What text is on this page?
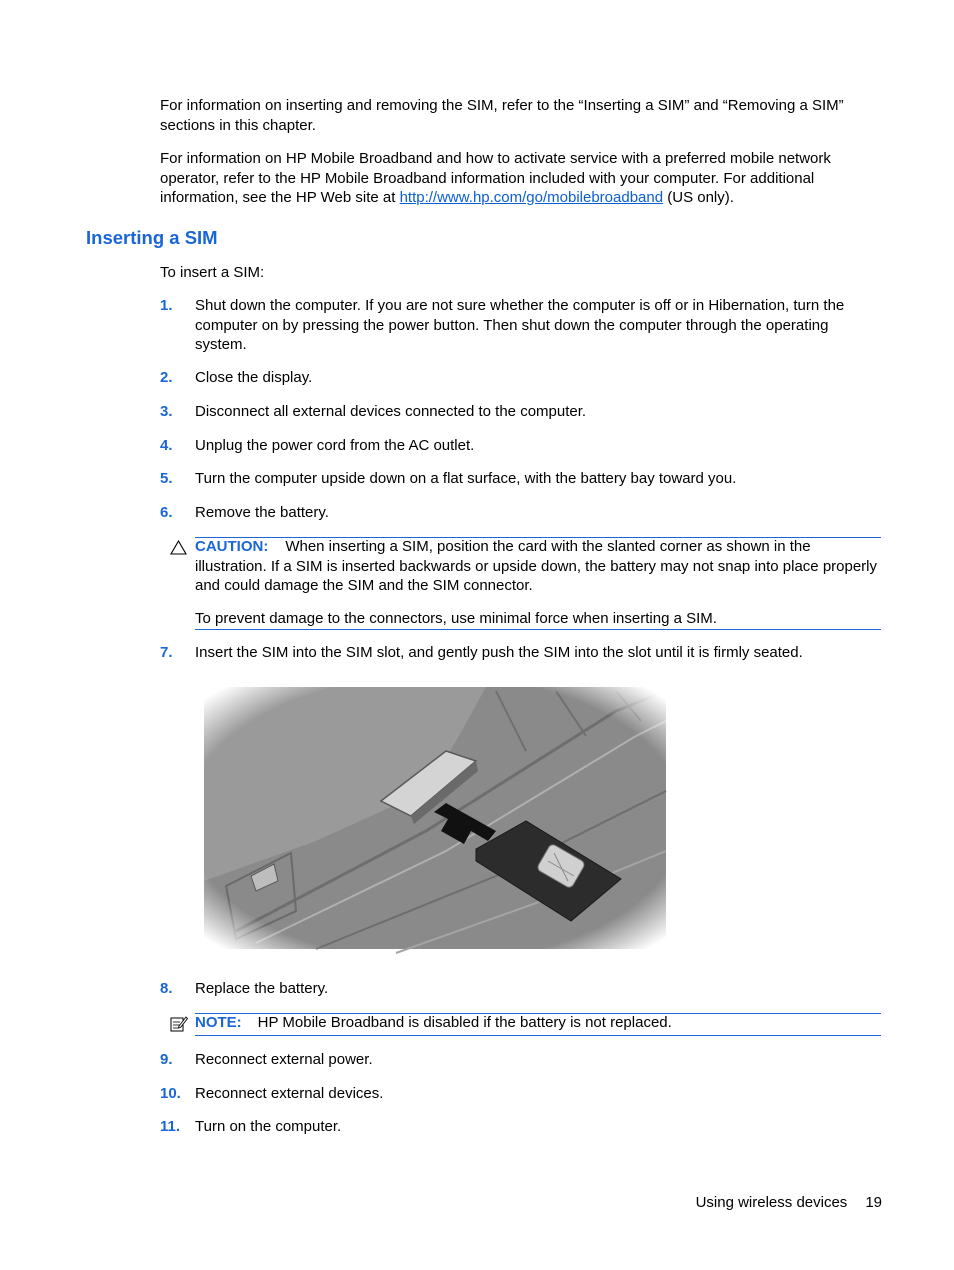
For information on inserting and removing the SIM, refer to the “Inserting a SIM” and “Removing a SIM” sections in this chapter.

For information on HP Mobile Broadband and how to activate service with a preferred mobile network operator, refer to the HP Mobile Broadband information included with your computer. For additional information, see the HP Web site at http://www.hp.com/go/mobilebroadband (US only).

Inserting a SIM

To insert a SIM:

1. Shut down the computer. If you are not sure whether the computer is off or in Hibernation, turn the computer on by pressing the power button. Then shut down the computer through the operating system.
2. Close the display.
3. Disconnect all external devices connected to the computer.
4. Unplug the power cord from the AC outlet.
5. Turn the computer upside down on a flat surface, with the battery bay toward you.
6. Remove the battery.

CAUTION: When inserting a SIM, position the card with the slanted corner as shown in the illustration. If a SIM is inserted backwards or upside down, the battery may not snap into place properly and could damage the SIM and the SIM connector.

To prevent damage to the connectors, use minimal force when inserting a SIM.

7. Insert the SIM into the SIM slot, and gently push the SIM into the slot until it is firmly seated.
8. Replace the battery.

NOTE: HP Mobile Broadband is disabled if the battery is not replaced.

9. Reconnect external power.
10. Reconnect external devices.
11. Turn on the computer.
Using wireless devices 19
